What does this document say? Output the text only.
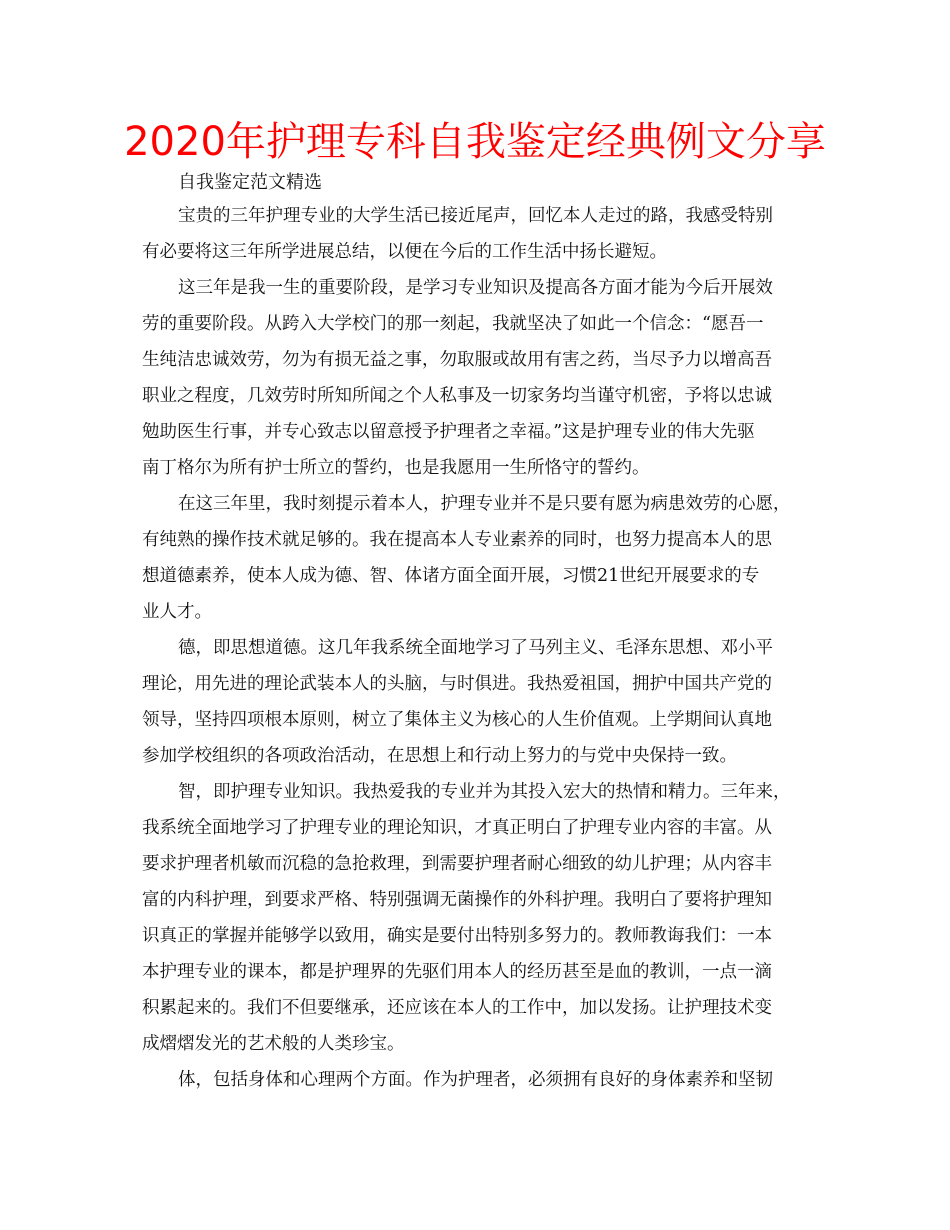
2020年护理专科自我鉴定经典例文分享
自我鉴定范文精选
宝贵的三年护理专业的大学生活已接近尾声，回忆本人走过的路，我感受特别
有必要将这三年所学进展总结，以便在今后的工作生活中扬长避短。
这三年是我一生的重要阶段，是学习专业知识及提高各方面才能为今后开展效
劳的重要阶段。从跨入大学校门的那一刻起，我就坚决了如此一个信念：“愿吾一
生纯洁忠诚效劳，勿为有损无益之事，勿取服或故用有害之药，当尽予力以增高吾
职业之程度，几效劳时所知所闻之个人私事及一切家务均当谨守机密，予将以忠诚
勉助医生行事，并专心致志以留意授予护理者之幸福。”这是护理专业的伟大先驱
南丁格尔为所有护士所立的誓约，也是我愿用一生所恪守的誓约。
在这三年里，我时刻提示着本人，护理专业并不是只要有愿为病患效劳的心愿，
有纯熟的操作技术就足够的。我在提高本人专业素养的同时，也努力提高本人的思
想道德素养，使本人成为德、智、体诸方面全面开展，习惯21世纪开展要求的专
业人才。
德，即思想道德。这几年我系统全面地学习了马列主义、毛泽东思想、邓小平
理论，用先进的理论武装本人的头脑，与时俱进。我热爱祖国，拥护中国共产党的
领导，坚持四项根本原则，树立了集体主义为核心的人生价值观。上学期间认真地
参加学校组织的各项政治活动，在思想上和行动上努力的与党中央保持一致。
智，即护理专业知识。我热爱我的专业并为其投入宏大的热情和精力。三年来，
我系统全面地学习了护理专业的理论知识，才真正明白了护理专业内容的丰富。从
要求护理者机敏而沉稳的急抢救理，到需要护理者耐心细致的幼儿护理；从内容丰
富的内科护理，到要求严格、特别强调无菌操作的外科护理。我明白了要将护理知
识真正的掌握并能够学以致用，确实是要付出特别多努力的。教师教诲我们：一本
本护理专业的课本，都是护理界的先驱们用本人的经历甚至是血的教训，一点一滴
积累起来的。我们不但要继承，还应该在本人的工作中，加以发扬。让护理技术变
成熠熠发光的艺术般的人类珍宝。
体，包括身体和心理两个方面。作为护理者，必须拥有良好的身体素养和坚韧
